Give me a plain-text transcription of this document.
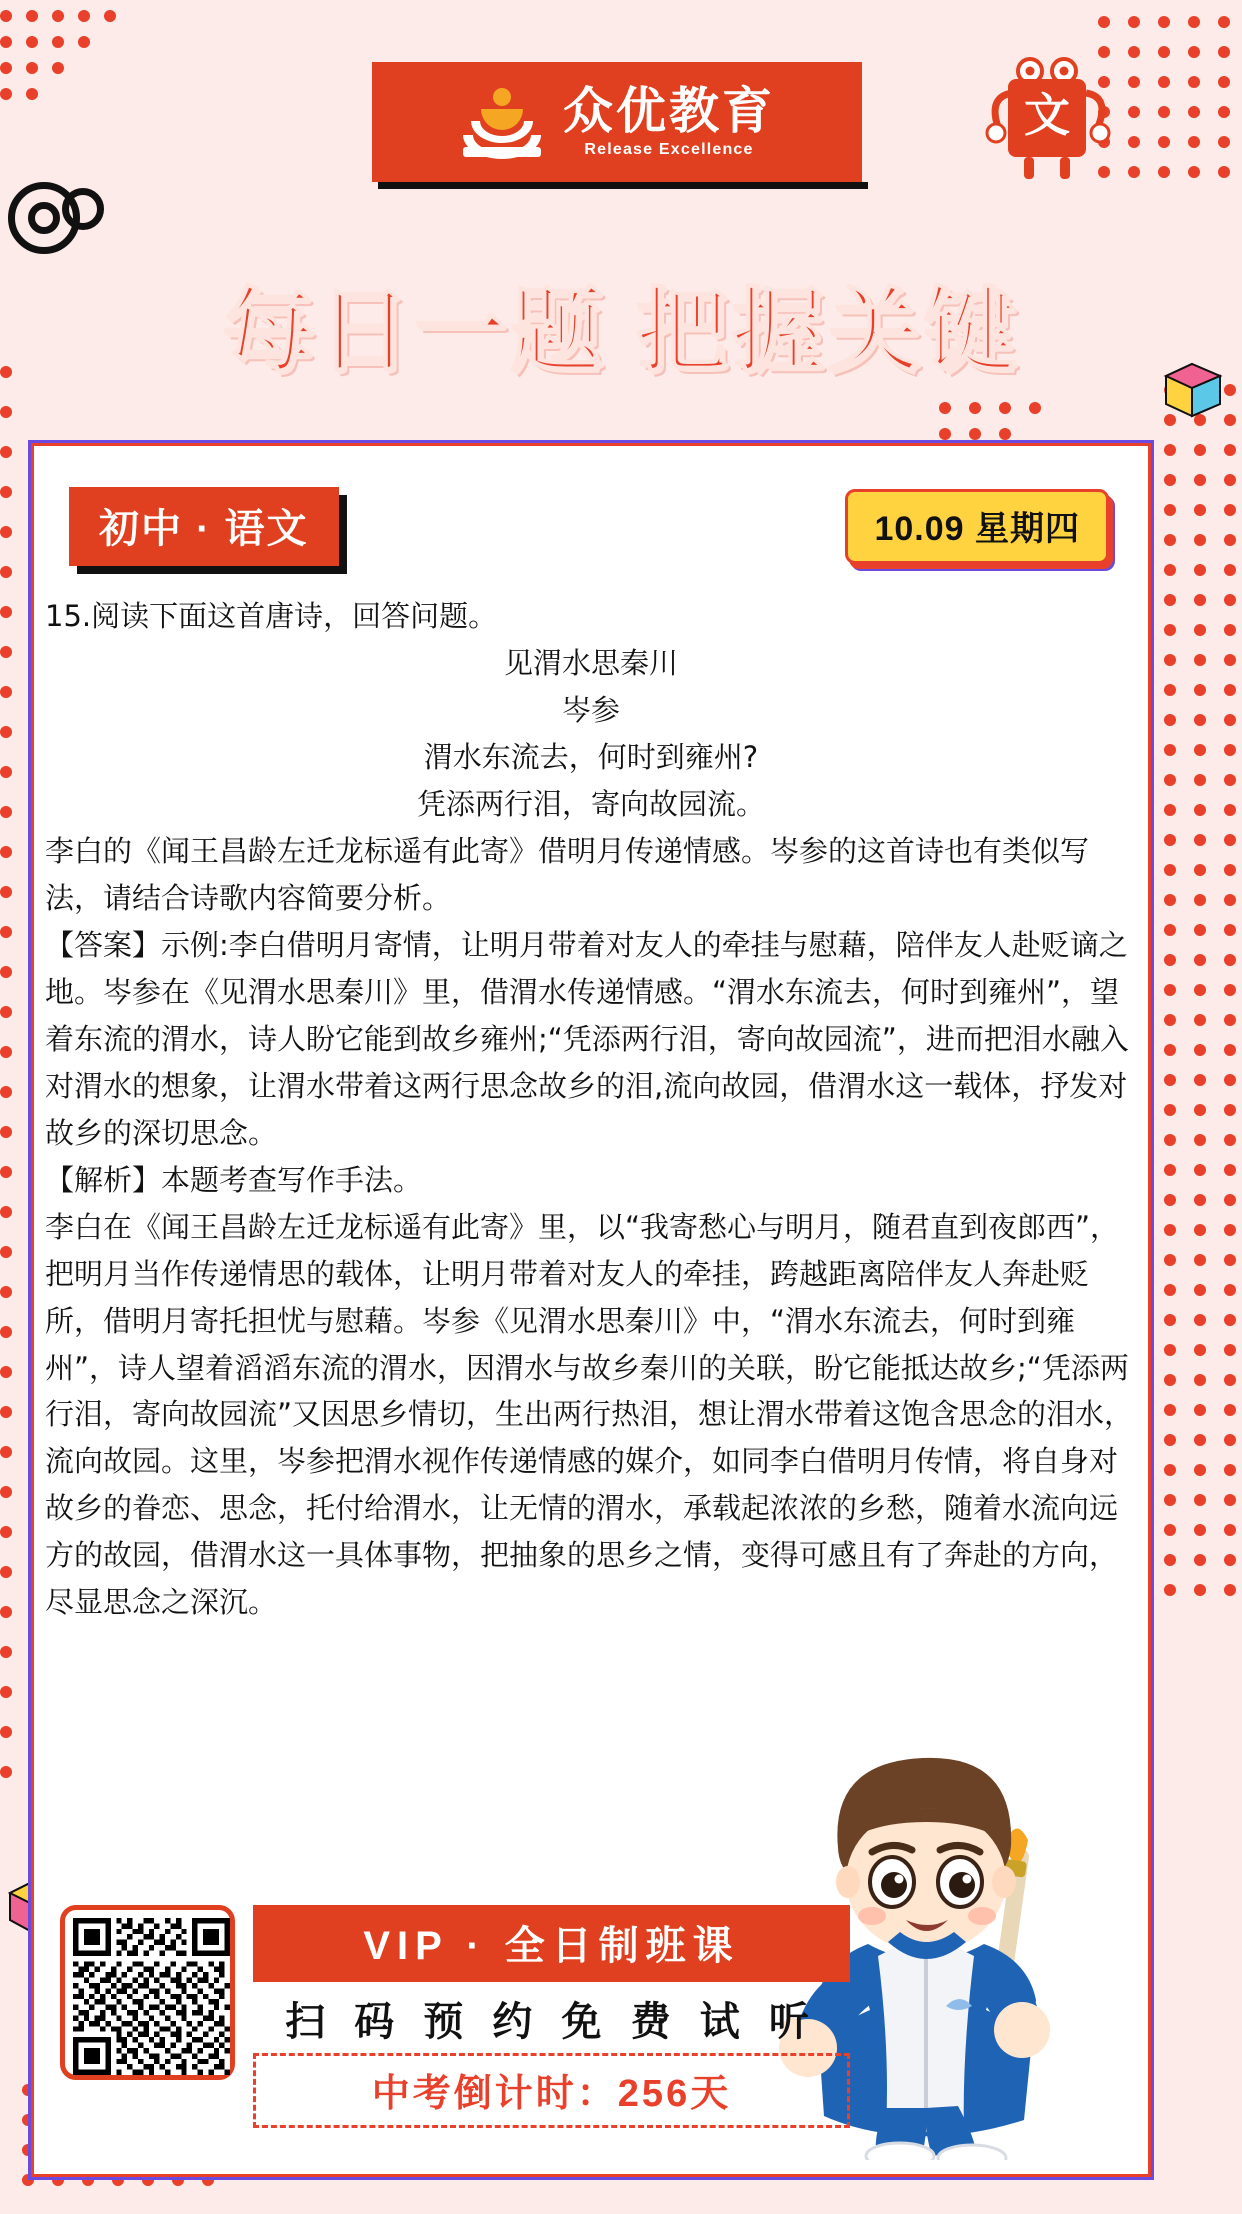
众优教育
Release Excellence
文
每日一题 把握关键
初中 · 语文	10.09 星期四

15.阅读下面这首唐诗，回答问题。

见渭水思秦川

岑参

渭水东流去，何时到雍州?

凭添两行泪，寄向故园流。

李白的《闻王昌龄左迁龙标遥有此寄》借明月传递情感。岑参的这首诗也有类似写法，请结合诗歌内容简要分析。

【答案】示例:李白借明月寄情，让明月带着对友人的牵挂与慰藉，陪伴友人赴贬谪之地。岑参在《见渭水思秦川》里，借渭水传递情感。“渭水东流去，何时到雍州”，望着东流的渭水，诗人盼它能到故乡雍州;“凭添两行泪，寄向故园流”，进而把泪水融入对渭水的想象，让渭水带着这两行思念故乡的泪,流向故园，借渭水这一载体，抒发对故乡的深切思念。

【解析】本题考查写作手法。

李白在《闻王昌龄左迁龙标遥有此寄》里，以“我寄愁心与明月，随君直到夜郎西”，把明月当作传递情思的载体，让明月带着对友人的牵挂，跨越距离陪伴友人奔赴贬所，借明月寄托担忧与慰藉。岑参《见渭水思秦川》中，“渭水东流去，何时到雍州”，诗人望着滔滔东流的渭水，因渭水与故乡秦川的关联，盼它能抵达故乡;“凭添两行泪，寄向故园流”又因思乡情切，生出两行热泪，想让渭水带着这饱含思念的泪水，流向故园。这里，岑参把渭水视作传递情感的媒介，如同李白借明月传情，将自身对故乡的眷恋、思念，托付给渭水，让无情的渭水，承载起浓浓的乡愁，随着水流向远方的故园，借渭水这一具体事物，把抽象的思乡之情，变得可感且有了奔赴的方向，尽显思念之深沉。

VIP · 全日制班课
扫 码 预 约 免 费 试 听
中考倒计时：256天
